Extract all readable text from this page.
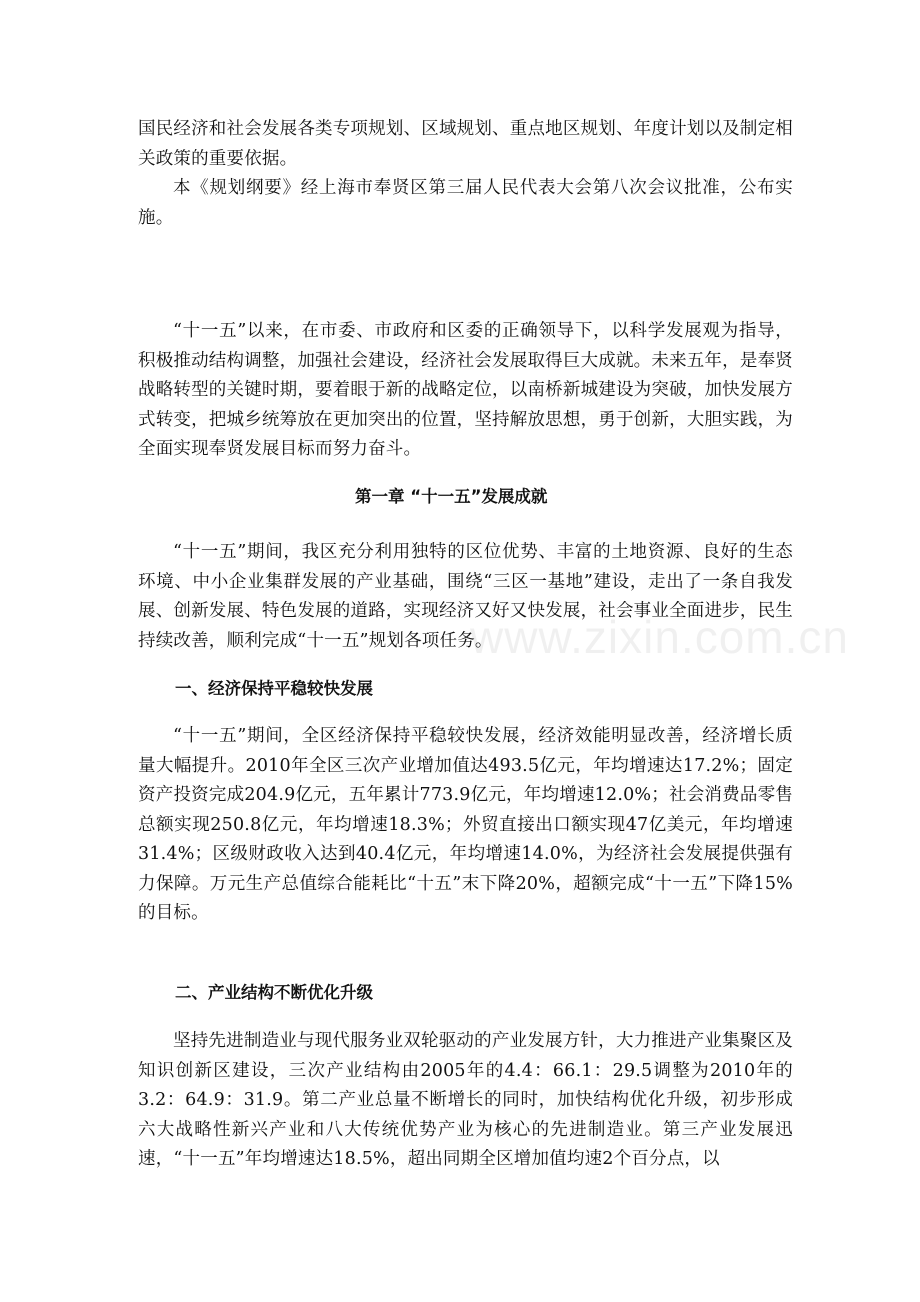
国民经济和社会发展各类专项规划、区域规划、重点地区规划、年度计划以及制定相关政策的重要依据。

本《规划纲要》经上海市奉贤区第三届人民代表大会第八次会议批准，公布实施。

“十一五”以来，在市委、市政府和区委的正确领导下，以科学发展观为指导，积极推动结构调整，加强社会建设，经济社会发展取得巨大成就。未来五年，是奉贤战略转型的关键时期，要着眼于新的战略定位，以南桥新城建设为突破，加快发展方式转变，把城乡统筹放在更加突出的位置，坚持解放思想，勇于创新，大胆实践，为全面实现奉贤发展目标而努力奋斗。

第一章 “十一五”发展成就

“十一五”期间，我区充分利用独特的区位优势、丰富的土地资源、良好的生态环境、中小企业集群发展的产业基础，围绕“三区一基地”建设，走出了一条自我发展、创新发展、特色发展的道路，实现经济又好又快发展，社会事业全面进步，民生持续改善，顺利完成“十一五”规划各项任务。

一、经济保持平稳较快发展

“十一五”期间，全区经济保持平稳较快发展，经济效能明显改善，经济增长质量大幅提升。2010年全区三次产业增加值达493.5亿元，年均增速达17.2%；固定资产投资完成204.9亿元，五年累计773.9亿元，年均增速12.0%；社会消费品零售总额实现250.8亿元，年均增速18.3%；外贸直接出口额实现47亿美元，年均增速31.4%；区级财政收入达到40.4亿元，年均增速14.0%，为经济社会发展提供强有力保障。万元生产总值综合能耗比“十五”末下降20%，超额完成“十一五”下降15%的目标。

二、产业结构不断优化升级

坚持先进制造业与现代服务业双轮驱动的产业发展方针，大力推进产业集聚区及知识创新区建设，三次产业结构由2005年的4.4：66.1：29.5调整为2010年的3.2：64.9：31.9。第二产业总量不断增长的同时，加快结构优化升级，初步形成六大战略性新兴产业和八大传统优势产业为核心的先进制造业。第三产业发展迅速，“十一五”年均增速达18.5%，超出同期全区增加值均速2个百分点，以

www.zixin.com.cn
